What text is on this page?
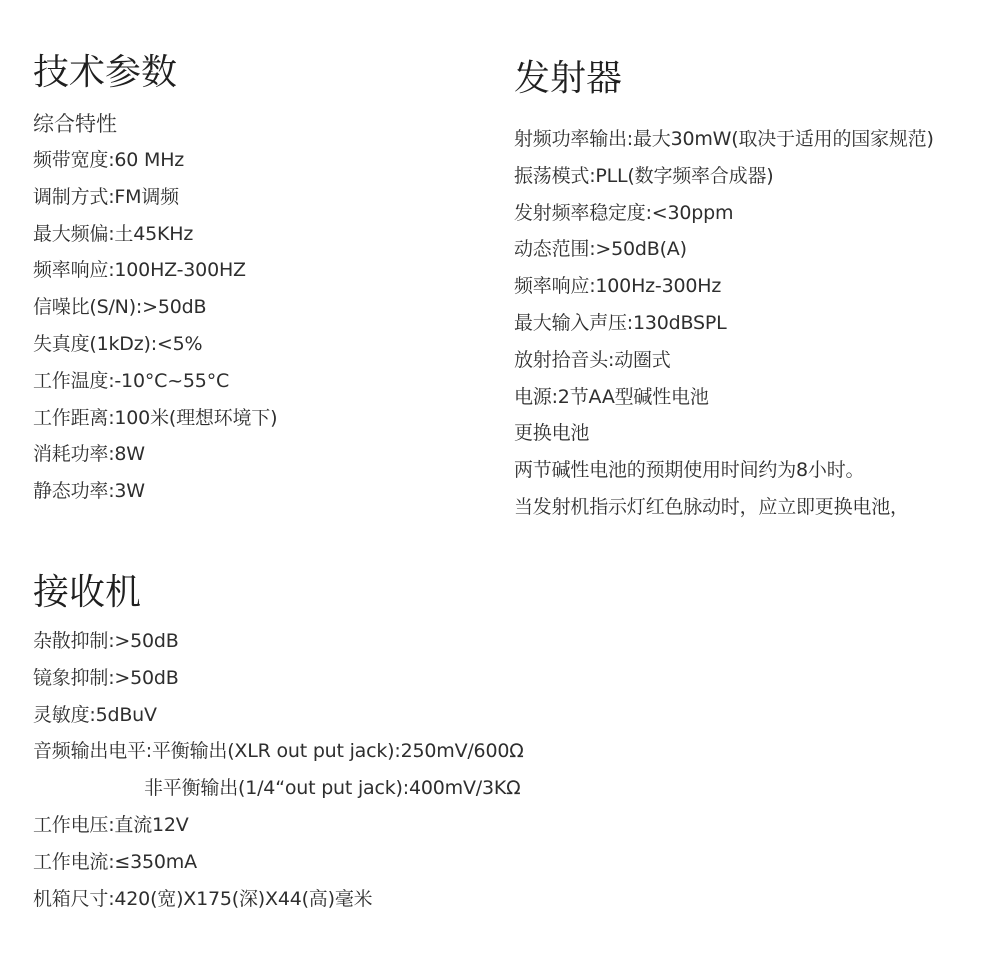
技术参数
综合特性
频带宽度:60 MHz
调制方式:FM调频
最大频偏:土45KHz
频率响应:100HZ-300HZ
信噪比(S/N):>50dB
失真度(1kDz):<5%
工作温度:-10°C~55°C
工作距离:100米(理想环境下)
消耗功率:8W
静态功率:3W
发射器
射频功率输出:最大30mW(取决于适用的国家规范)
振荡模式:PLL(数字频率合成器)
发射频率稳定度:<30ppm
动态范围:>50dB(A)
频率响应:100Hz-300Hz
最大输入声压:130dBSPL
放射拾音头:动圈式
电源:2节AA型碱性电池
更换电池
两节碱性电池的预期使用时间约为8小时。
当发射机指示灯红色脉动时，应立即更换电池，
接收机
杂散抑制:>50dB
镜象抑制:>50dB
灵敏度:5dBuV
音频输出电平:平衡输出(XLR out put jack):250mV/600Ω
非平衡输出(1/4“out put jack):400mV/3KΩ
工作电压:直流12V
工作电流:≤350mA
机箱尺寸:420(宽)X175(深)X44(高)毫米
